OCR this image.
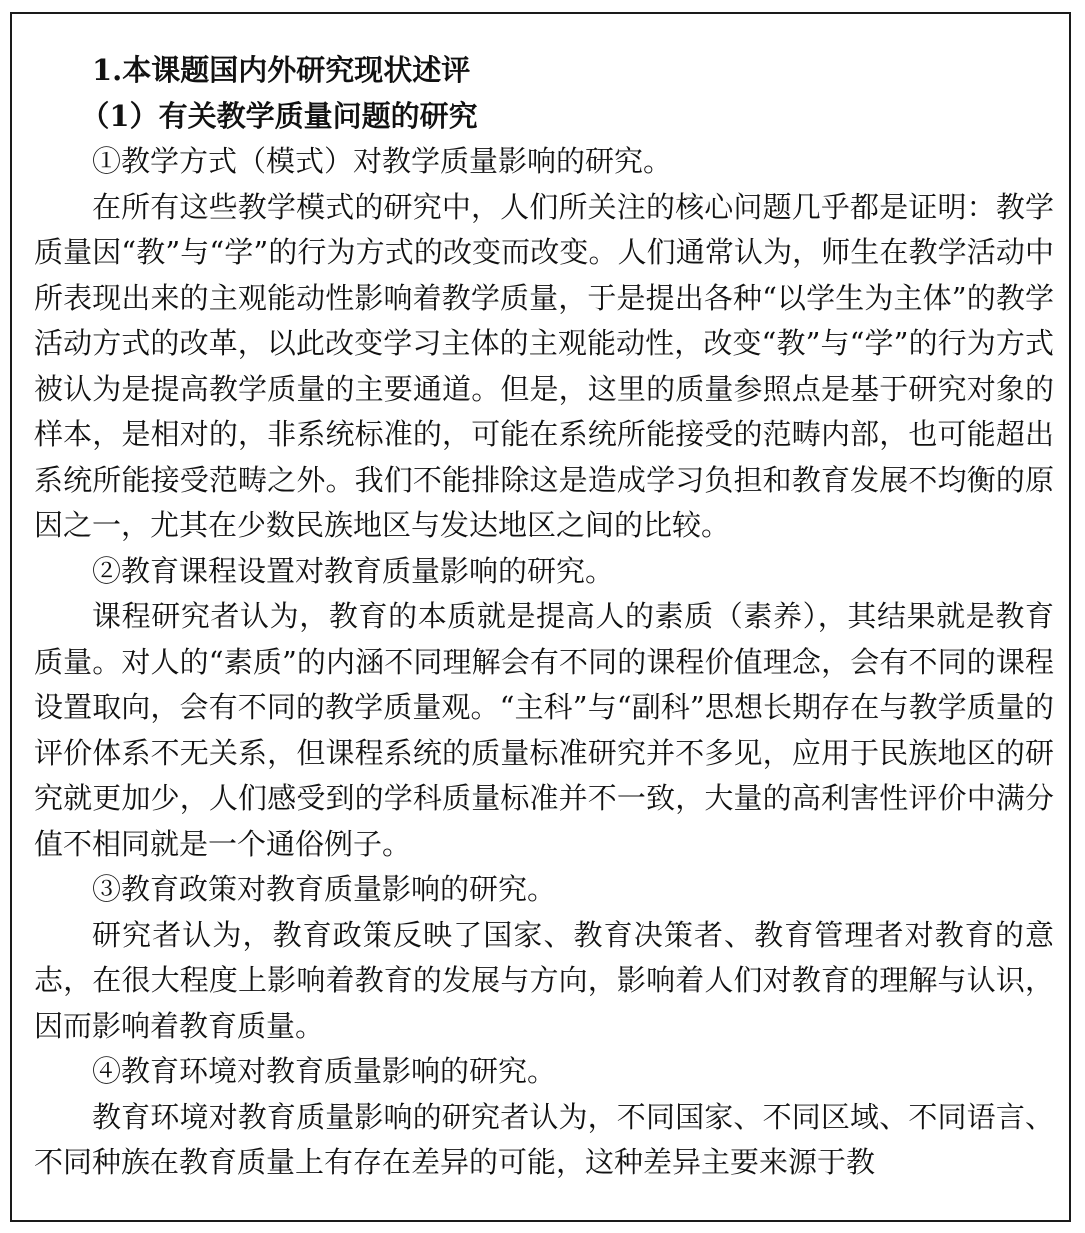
1.本课题国内外研究现状述评

（1）有关教学质量问题的研究

①教学方式（模式）对教学质量影响的研究。

在所有这些教学模式的研究中，人们所关注的核心问题几乎都是证明：教学质量因“教”与“学”的行为方式的改变而改变。人们通常认为，师生在教学活动中所表现出来的主观能动性影响着教学质量，于是提出各种“以学生为主体”的教学活动方式的改革，以此改变学习主体的主观能动性，改变“教”与“学”的行为方式被认为是提高教学质量的主要通道。但是，这里的质量参照点是基于研究对象的样本，是相对的，非系统标准的，可能在系统所能接受的范畴内部，也可能超出系统所能接受范畴之外。我们不能排除这是造成学习负担和教育发展不均衡的原因之一，尤其在少数民族地区与发达地区之间的比较。

②教育课程设置对教育质量影响的研究。

课程研究者认为，教育的本质就是提高人的素质（素养），其结果就是教育质量。对人的“素质”的内涵不同理解会有不同的课程价值理念，会有不同的课程设置取向，会有不同的教学质量观。“主科”与“副科”思想长期存在与教学质量的评价体系不无关系，但课程系统的质量标准研究并不多见，应用于民族地区的研究就更加少，人们感受到的学科质量标准并不一致，大量的高利害性评价中满分值不相同就是一个通俗例子。

③教育政策对教育质量影响的研究。

研究者认为，教育政策反映了国家、教育决策者、教育管理者对教育的意志，在很大程度上影响着教育的发展与方向，影响着人们对教育的理解与认识，因而影响着教育质量。

④教育环境对教育质量影响的研究。

教育环境对教育质量影响的研究者认为，不同国家、不同区域、不同语言、不同种族在教育质量上有存在差异的可能，这种差异主要来源于教
